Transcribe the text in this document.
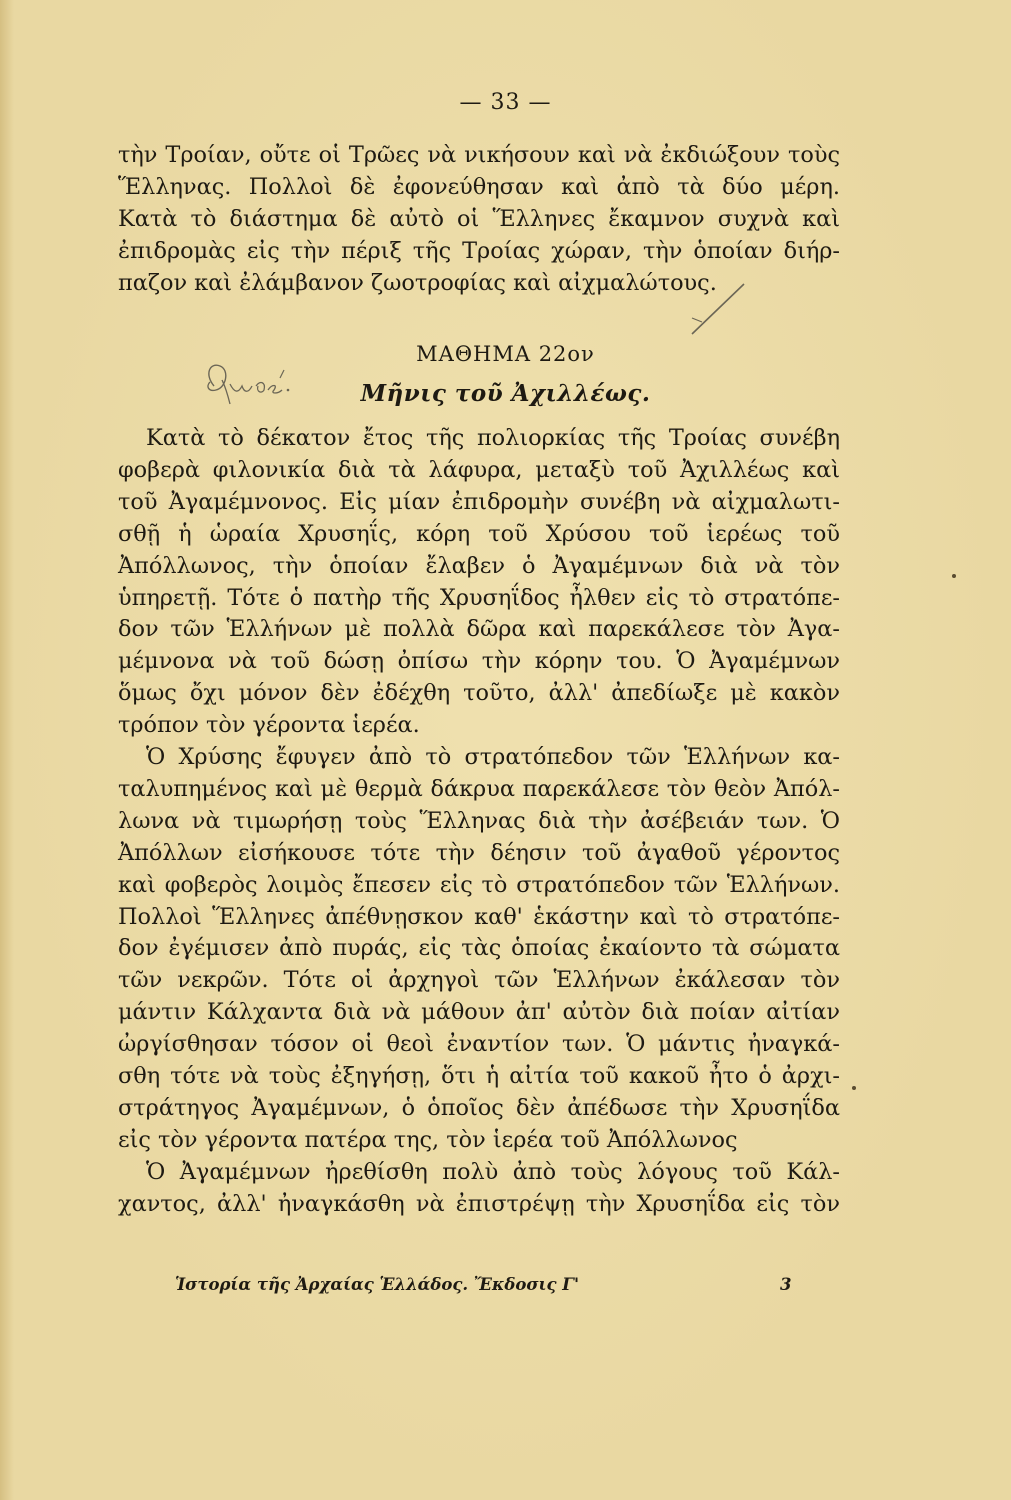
— 33 —
τὴν Τροίαν, οὔτε οἱ Τρῶες νὰ νικήσουν καὶ νὰ ἐκδιώξουν τοὺς
Ἕλληνας. Πολλοὶ δὲ ἐφονεύθησαν καὶ ἀπὸ τὰ δύο μέρη.
Κατὰ τὸ διάστημα δὲ αὐτὸ οἱ Ἕλληνες ἔκαμνον συχνὰ καὶ
ἐπιδρομὰς εἰς τὴν πέριξ τῆς Τροίας χώραν, τὴν ὁποίαν διήρ-
παζον καὶ ἐλάμβανον ζωοτροφίας καὶ αἰχμαλώτους.
ΜΑΘΗΜΑ 22ον
Μῆνις τοῦ Ἀχιλλέως.
Κατὰ τὸ δέκατον ἔτος τῆς πολιορκίας τῆς Τροίας συνέβη
φοβερὰ φιλονικία διὰ τὰ λάφυρα, μεταξὺ τοῦ Ἀχιλλέως καὶ
τοῦ Ἀγαμέμνονος. Εἰς μίαν ἐπιδρομὴν συνέβη νὰ αἰχμαλωτι-
σθῇ ἡ ὡραία Χρυσηΐς, κόρη τοῦ Χρύσου τοῦ ἱερέως τοῦ
Ἀπόλλωνος, τὴν ὁποίαν ἔλαβεν ὁ Ἀγαμέμνων διὰ νὰ τὸν
ὑπηρετῇ. Τότε ὁ πατὴρ τῆς Χρυσηΐδος ἦλθεν εἰς τὸ στρατόπε-
δον τῶν Ἑλλήνων μὲ πολλὰ δῶρα καὶ παρεκάλεσε τὸν Ἀγα-
μέμνονα νὰ τοῦ δώσῃ ὀπίσω τὴν κόρην του. Ὁ Ἀγαμέμνων
ὅμως ὄχι μόνον δὲν ἐδέχθη τοῦτο, ἀλλ' ἀπεδίωξε μὲ κακὸν
τρόπον τὸν γέροντα ἱερέα.
Ὁ Χρύσης ἔφυγεν ἀπὸ τὸ στρατόπεδον τῶν Ἑλλήνων κα-
ταλυπημένος καὶ μὲ θερμὰ δάκρυα παρεκάλεσε τὸν θεὸν Ἀπόλ-
λωνα νὰ τιμωρήσῃ τοὺς Ἕλληνας διὰ τὴν ἀσέβειάν των. Ὁ
Ἀπόλλων εἰσήκουσε τότε τὴν δέησιν τοῦ ἀγαθοῦ γέροντος
καὶ φοβερὸς λοιμὸς ἔπεσεν εἰς τὸ στρατόπεδον τῶν Ἑλλήνων.
Πολλοὶ Ἕλληνες ἀπέθνῃσκον καθ' ἑκάστην καὶ τὸ στρατόπε-
δον ἐγέμισεν ἀπὸ πυράς, εἰς τὰς ὁποίας ἐκαίοντο τὰ σώματα
τῶν νεκρῶν. Τότε οἱ ἀρχηγοὶ τῶν Ἑλλήνων ἐκάλεσαν τὸν
μάντιν Κάλχαντα διὰ νὰ μάθουν ἀπ' αὐτὸν διὰ ποίαν αἰτίαν
ὠργίσθησαν τόσον οἱ θεοὶ ἐναντίον των. Ὁ μάντις ἠναγκά-
σθη τότε νὰ τοὺς ἐξηγήσῃ, ὅτι ἡ αἰτία τοῦ κακοῦ ἦτο ὁ ἀρχι-
στράτηγος Ἀγαμέμνων, ὁ ὁποῖος δὲν ἀπέδωσε τὴν Χρυσηΐδα
εἰς τὸν γέροντα πατέρα της, τὸν ἱερέα τοῦ Ἀπόλλωνος
Ὁ Ἀγαμέμνων ἠρεθίσθη πολὺ ἀπὸ τοὺς λόγους τοῦ Κάλ-
χαντος, ἀλλ' ἠναγκάσθη νὰ ἐπιστρέψῃ τὴν Χρυσηΐδα εἰς τὸν
Ἱστορία τῆς Ἀρχαίας Ἑλλάδος. Ἔκδοσις Γ'	3
